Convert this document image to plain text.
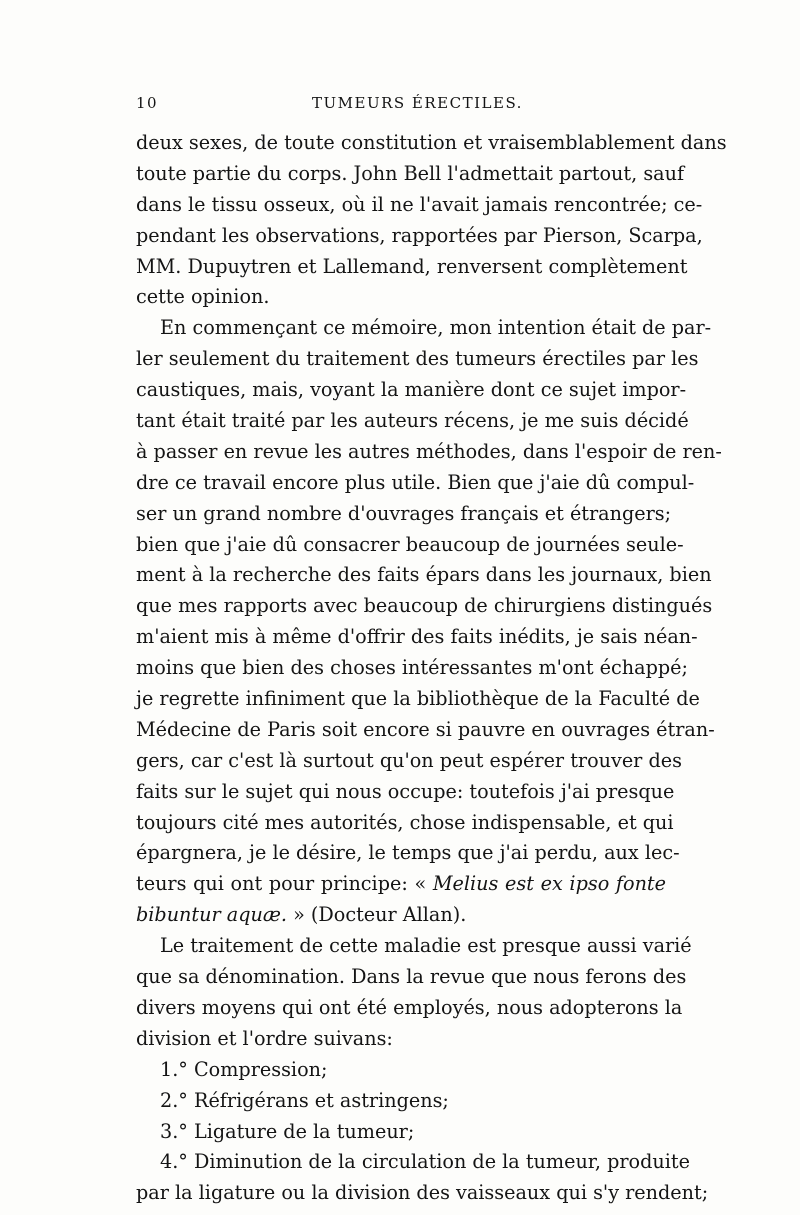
10	TUMEURS ÉRECTILES.
deux sexes, de toute constitution et vraisemblablement dans
toute partie du corps. John Bell l'admettait partout, sauf
dans le tissu osseux, où il ne l'avait jamais rencontrée; ce-
pendant les observations, rapportées par Pierson, Scarpa,
MM. Dupuytren et Lallemand, renversent complètement
cette opinion.
En commençant ce mémoire, mon intention était de par-
ler seulement du traitement des tumeurs érectiles par les
caustiques, mais, voyant la manière dont ce sujet impor-
tant était traité par les auteurs récens, je me suis décidé
à passer en revue les autres méthodes, dans l'espoir de ren-
dre ce travail encore plus utile. Bien que j'aie dû compul-
ser un grand nombre d'ouvrages français et étrangers;
bien que j'aie dû consacrer beaucoup de journées seule-
ment à la recherche des faits épars dans les journaux, bien
que mes rapports avec beaucoup de chirurgiens distingués
m'aient mis à même d'offrir des faits inédits, je sais néan-
moins que bien des choses intéressantes m'ont échappé;
je regrette infiniment que la bibliothèque de la Faculté de
Médecine de Paris soit encore si pauvre en ouvrages étran-
gers, car c'est là surtout qu'on peut espérer trouver des
faits sur le sujet qui nous occupe: toutefois j'ai presque
toujours cité mes autorités, chose indispensable, et qui
épargnera, je le désire, le temps que j'ai perdu, aux lec-
teurs qui ont pour principe: « Melius est ex ipso fonte
bibuntur aquæ. » (Docteur Allan).
Le traitement de cette maladie est presque aussi varié
que sa dénomination. Dans la revue que nous ferons des
divers moyens qui ont été employés, nous adopterons la
division et l'ordre suivans:
1.° Compression;
2.° Réfrigérans et astringens;
3.° Ligature de la tumeur;
4.° Diminution de la circulation de la tumeur, produite
par la ligature ou la division des vaisseaux qui s'y rendent;
